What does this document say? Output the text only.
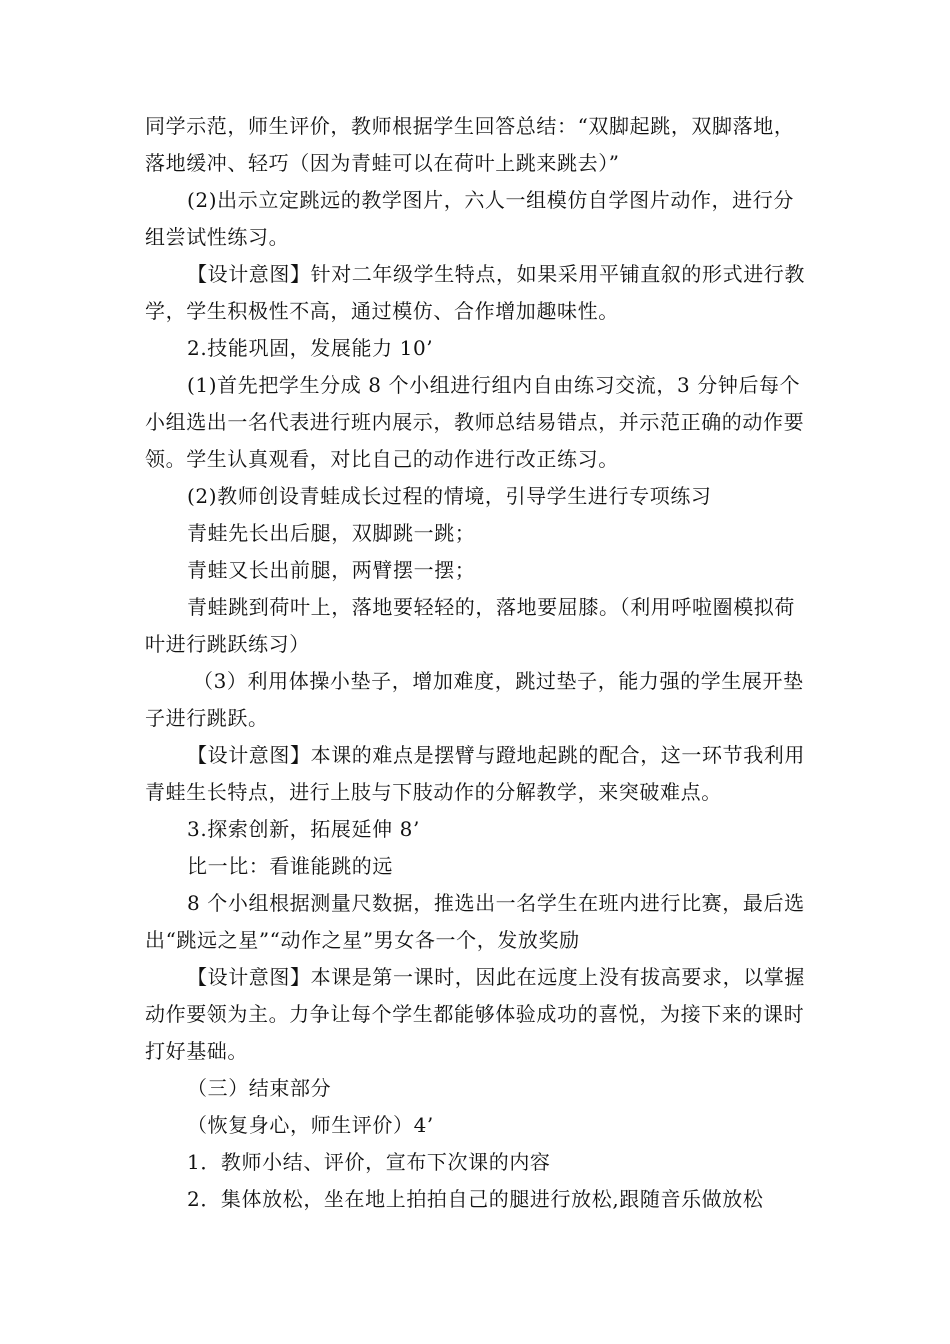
同学示范，师生评价，教师根据学生回答总结：“双脚起跳，双脚落地，落地缓冲、轻巧（因为青蛙可以在荷叶上跳来跳去）”

(2)出示立定跳远的教学图片，六人一组模仿自学图片动作，进行分组尝试性练习。

【设计意图】针对二年级学生特点，如果采用平铺直叙的形式进行教学，学生积极性不高，通过模仿、合作增加趣味性。

2.技能巩固，发展能力 10’

(1)首先把学生分成 8 个小组进行组内自由练习交流，3 分钟后每个小组选出一名代表进行班内展示，教师总结易错点，并示范正确的动作要领。学生认真观看，对比自己的动作进行改正练习。

(2)教师创设青蛙成长过程的情境，引导学生进行专项练习

青蛙先长出后腿，双脚跳一跳；

青蛙又长出前腿，两臂摆一摆；

青蛙跳到荷叶上，落地要轻轻的，落地要屈膝。（利用呼啦圈模拟荷叶进行跳跃练习）

（3）利用体操小垫子，增加难度，跳过垫子，能力强的学生展开垫子进行跳跃。

【设计意图】本课的难点是摆臂与蹬地起跳的配合，这一环节我利用青蛙生长特点，进行上肢与下肢动作的分解教学，来突破难点。

3.探索创新，拓展延伸 8’

比一比：看谁能跳的远

8 个小组根据测量尺数据，推选出一名学生在班内进行比赛，最后选出“跳远之星”“动作之星”男女各一个，发放奖励

【设计意图】本课是第一课时，因此在远度上没有拔高要求，以掌握动作要领为主。力争让每个学生都能够体验成功的喜悦，为接下来的课时打好基础。

（三）结束部分

（恢复身心，师生评价）4’

1．教师小结、评价，宣布下次课的内容

2．集体放松，坐在地上拍拍自己的腿进行放松,跟随音乐做放松
